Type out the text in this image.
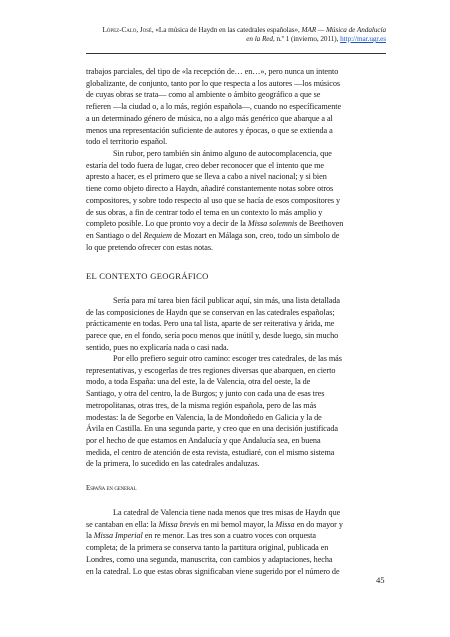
López-Calo, José, «La música de Haydn en las catedrales españolas», MAR — Música de Andalucía
en la Red, n.º 1 (invierno, 2011), http://mar.ugr.es

trabajos parciales, del tipo de «la recepción de… en…», pero nunca un intento

globalizante, de conjunto, tanto por lo que respecta a los autores —los músicos

de cuyas obras se trata— como al ambiente o ámbito geográfico a que se

refieren —la ciudad o, a lo más, región española—, cuando no específicamente

a un determinado género de música, no a algo más genérico que abarque a al

menos una representación suficiente de autores y épocas, o que se extienda a

todo el territorio español.

Sin rubor, pero también sin ánimo alguno de autocomplacencia, que

estaría del todo fuera de lugar, creo deber reconocer que el intento que me

apresto a hacer, es el primero que se lleva a cabo a nivel nacional; y si bien

tiene como objeto directo a Haydn, añadiré constantemente notas sobre otros

compositores, y sobre todo respecto al uso que se hacía de esos compositores y

de sus obras, a fin de centrar todo el tema en un contexto lo más amplio y

completo posible. Lo que pronto voy a decir de la Missa solemnis de Beethoven

en Santiago o del Requiem de Mozart en Málaga son, creo, todo un símbolo de

lo que pretendo ofrecer con estas notas.

EL CONTEXTO GEOGRÁFICO

Sería para mí tarea bien fácil publicar aquí, sin más, una lista detallada

de las composiciones de Haydn que se conservan en las catedrales españolas;

prácticamente en todas. Pero una tal lista, aparte de ser reiterativa y árida, me

parece que, en el fondo, sería poco menos que inútil y, desde luego, sin mucho

sentido, pues no explicaría nada o casi nada.

Por ello prefiero seguir otro camino: escoger tres catedrales, de las más

representativas, y escogerlas de tres regiones diversas que abarquen, en cierto

modo, a toda España: una del este, la de Valencia, otra del oeste, la de

Santiago, y otra del centro, la de Burgos; y junto con cada una de esas tres

metropolitanas, otras tres, de la misma región española, pero de las más

modestas: la de Segorbe en Valencia, la de Mondoñedo en Galicia y la de

Ávila en Castilla. En una segunda parte, y creo que en una decisión justificada

por el hecho de que estamos en Andalucía y que Andalucía sea, en buena

medida, el centro de atención de esta revista, estudiaré, con el mismo sistema

de la primera, lo sucedido en las catedrales andaluzas.

España en general

La catedral de Valencia tiene nada menos que tres misas de Haydn que

se cantaban en ella: la Missa brevis en mi bemol mayor, la Missa en do mayor y

la Missa Imperial en re menor. Las tres son a cuatro voces con orquesta

completa; de la primera se conserva tanto la partitura original, publicada en

Londres, como una segunda, manuscrita, con cambios y adaptaciones, hecha

en la catedral. Lo que estas obras significaban viene sugerido por el número de

45
